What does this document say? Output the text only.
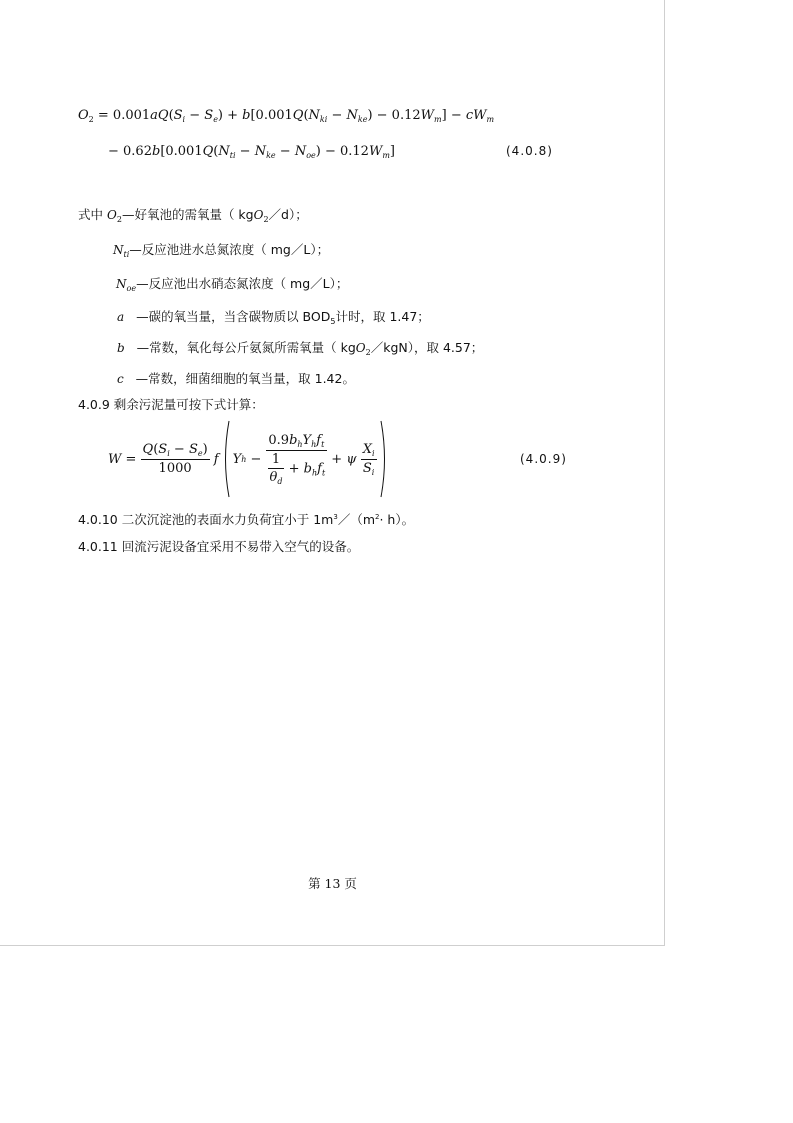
$O_2 = 0.001aQ(S_i - S_e) + b[0.001Q(N_{ki} - N_{ke}) - 0.12W_m] - cW_m$
− $0.62b[0.001Q(N_{ti} - N_{ke} - N_{oe}) - 0.12W_m]$	(4.0.8)
式中 $O_2—$好氧池的需氧量（ kgO$_2$／d）；
$N_{ti}—$反应池进水总氮浓度（ mg／L）；
$N_{oe}—$反应池出水硝态氮浓度（ mg／L）；
a —碳的氧当量，当含碳物质以 $BOD_5$计时，取 1.47；
b —常数，氧化每公斤氨氮所需氧量（ kgO$_2$／kgN），取 4.57；
c —常数，细菌细胞的氧当量，取 1.42。
4.0.9 剩余污泥量可按下式计算：
$W = \frac{Q(S_i - S_e)}{1000}$
f Y $h - \frac{0.9b_hY_hf_t}{\frac{1}{\theta_d} + b_hf_t} + \psi$
$\frac{X_i}{S_i}$	(4.0.9)
4.0.10 二次沉淀池的表面水力负荷宜小于 $1m^3/(m^2\cdot h)$。
4.0.11 回流污泥设备宜采用不易带入空气的设备。
第 13 页
